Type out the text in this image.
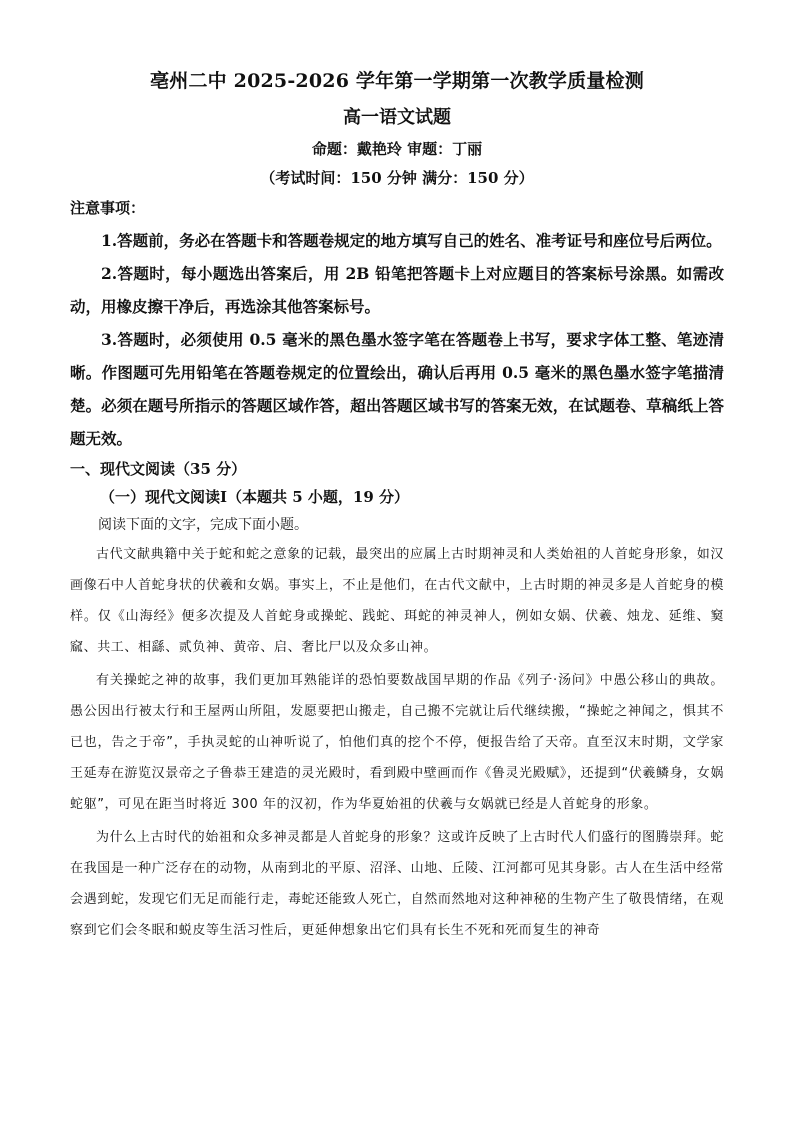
亳州二中 2025-2026 学年第一学期第一次教学质量检测
高一语文试题
命题：戴艳玲 审题：丁丽
（考试时间：150 分钟 满分：150 分）
注意事项：

1.答题前，务必在答题卡和答题卷规定的地方填写自己的姓名、准考证号和座位号后两位。

2.答题时，每小题选出答案后，用 2B 铅笔把答题卡上对应题目的答案标号涂黑。如需改动，用橡皮擦干净后，再选涂其他答案标号。

3.答题时，必须使用 0.5 毫米的黑色墨水签字笔在答题卷上书写，要求字体工整、笔迹清晰。作图题可先用铅笔在答题卷规定的位置绘出，确认后再用 0.5 毫米的黑色墨水签字笔描清楚。必须在题号所指示的答题区域作答，超出答题区域书写的答案无效，在试题卷、草稿纸上答题无效。

一、现代文阅读（35 分）
（一）现代文阅读Ⅰ（本题共 5 小题，19 分）
阅读下面的文字，完成下面小题。

古代文献典籍中关于蛇和蛇之意象的记载，最突出的应属上古时期神灵和人类始祖的人首蛇身形象，如汉画像石中人首蛇身状的伏羲和女娲。事实上，不止是他们，在古代文献中，上古时期的神灵多是人首蛇身的模样。仅《山海经》便多次提及人首蛇身或操蛇、践蛇、珥蛇的神灵神人，例如女娲、伏羲、烛龙、延维、窫窳、共工、相繇、贰负神、黄帝、启、奢比尸以及众多山神。

有关操蛇之神的故事，我们更加耳熟能详的恐怕要数战国早期的作品《列子·汤问》中愚公移山的典故。愚公因出行被太行和王屋两山所阻，发愿要把山搬走，自己搬不完就让后代继续搬，“操蛇之神闻之，惧其不已也，告之于帝”，手执灵蛇的山神听说了，怕他们真的挖个不停，便报告给了天帝。直至汉末时期，文学家王延寿在游览汉景帝之子鲁恭王建造的灵光殿时，看到殿中壁画而作《鲁灵光殿赋》，还提到“伏羲鳞身，女娲蛇躯”，可见在距当时将近 300 年的汉初，作为华夏始祖的伏羲与女娲就已经是人首蛇身的形象。

为什么上古时代的始祖和众多神灵都是人首蛇身的形象？这或许反映了上古时代人们盛行的图腾崇拜。蛇在我国是一种广泛存在的动物，从南到北的平原、沼泽、山地、丘陵、江河都可见其身影。古人在生活中经常会遇到蛇，发现它们无足而能行走，毒蛇还能致人死亡，自然而然地对这种神秘的生物产生了敬畏情绪，在观察到它们会冬眠和蜕皮等生活习性后，更延伸想象出它们具有长生不死和死而复生的神奇
